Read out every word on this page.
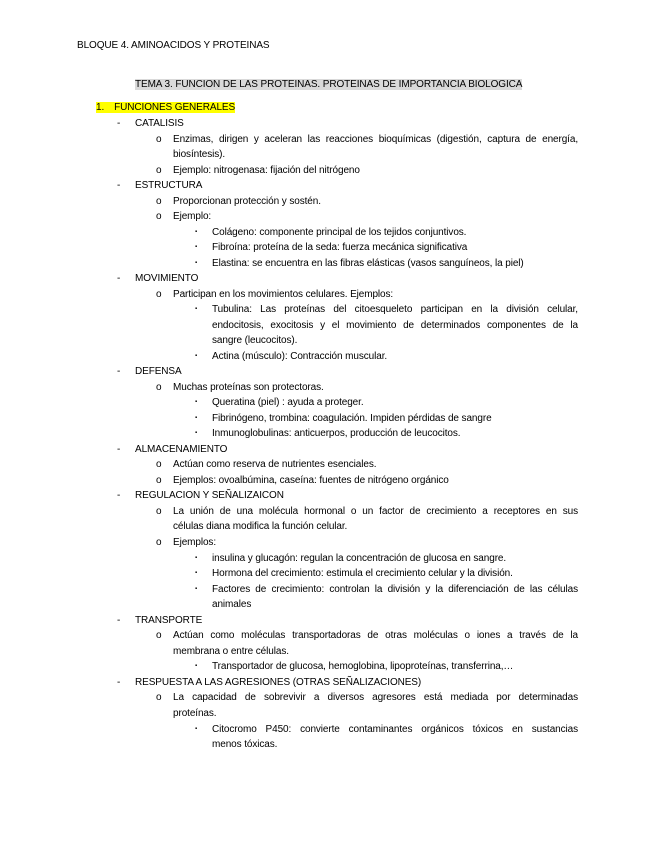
BLOQUE 4. AMINOACIDOS Y PROTEINAS
TEMA 3. FUNCION DE LAS PROTEINAS. PROTEINAS DE IMPORTANCIA BIOLOGICA
1. FUNCIONES GENERALES
- CATALISIS
o Enzimas, dirigen y aceleran las reacciones bioquímicas (digestión, captura de energía,
biosíntesis).
o Ejemplo: nitrogenasa: fijación del nitrógeno
- ESTRUCTURA
o Proporcionan protección y sostén.
o Ejemplo:
▪ Colágeno: componente principal de los tejidos conjuntivos.
▪ Fibroína: proteína de la seda: fuerza mecánica significativa
▪ Elastina: se encuentra en las fibras elásticas (vasos sanguíneos, la piel)
- MOVIMIENTO
o Participan en los movimientos celulares. Ejemplos:
▪ Tubulina: Las proteínas del citoesqueleto participan en la división celular,
endocitosis, exocitosis y el movimiento de determinados componentes de la
sangre (leucocitos).
▪ Actina (músculo): Contracción muscular.
- DEFENSA
o Muchas proteínas son protectoras.
▪ Queratina (piel) : ayuda a proteger.
▪ Fibrinógeno, trombina: coagulación. Impiden pérdidas de sangre
▪ Inmunoglobulinas: anticuerpos, producción de leucocitos.
- ALMACENAMIENTO
o Actúan como reserva de nutrientes esenciales.
o Ejemplos: ovoalbúmina, caseína: fuentes de nitrógeno orgánico
- REGULACION Y SEÑALIZAICON
o La unión de una molécula hormonal o un factor de crecimiento a receptores en sus
células diana modifica la función celular.
o Ejemplos:
▪ insulina y glucagón: regulan la concentración de glucosa en sangre.
▪ Hormona del crecimiento: estimula el crecimiento celular y la división.
▪ Factores de crecimiento: controlan la división y la diferenciación de las células
animales
- TRANSPORTE
o Actúan como moléculas transportadoras de otras moléculas o iones a través de la
membrana o entre células.
▪ Transportador de glucosa, hemoglobina, lipoproteínas, transferrina,…
- RESPUESTA A LAS AGRESIONES (OTRAS SEÑALIZACIONES)
o La capacidad de sobrevivir a diversos agresores está mediada por determinadas
proteínas.
▪ Citocromo P450: convierte contaminantes orgánicos tóxicos en sustancias
menos tóxicas.
